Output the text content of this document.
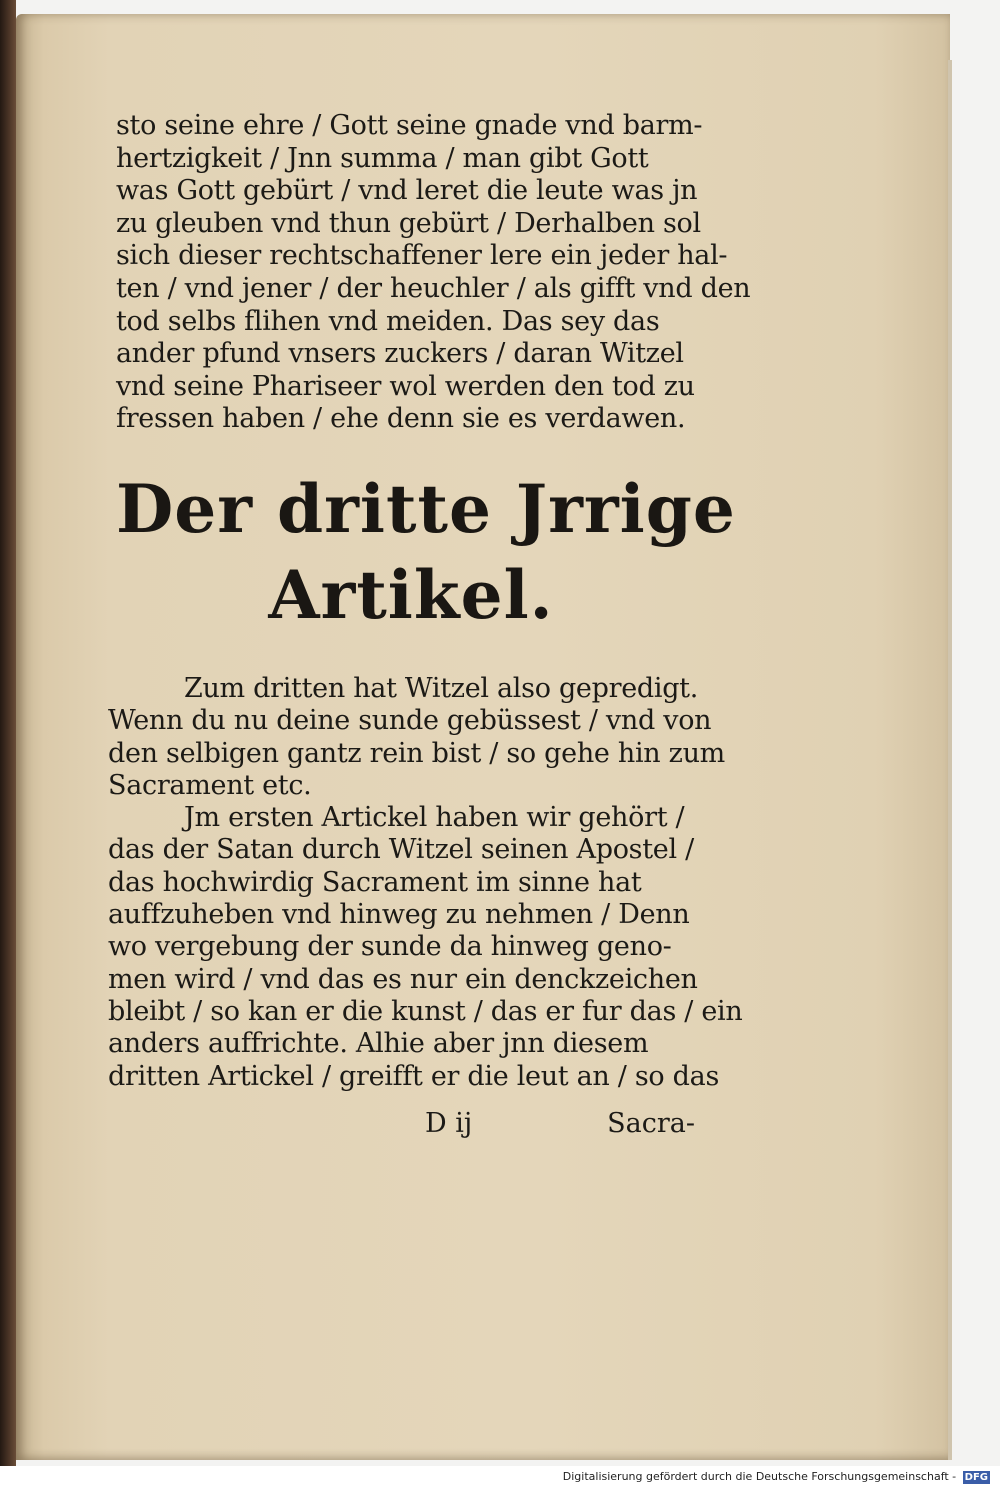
sto seine ehre / Gott seine gnade vnd barm-
hertzigkeit / Jnn summa / man gibt Gott
was Gott gebürt / vnd leret die leute was jn
zu gleuben vnd thun gebürt / Derhalben sol
sich dieser rechtschaffener lere ein jeder hal-
ten / vnd jener / der heuchler / als gifft vnd den
tod selbs flihen vnd meiden. Das sey das
ander pfund vnsers zuckers / daran Witzel
vnd seine Phariseer wol werden den tod zu
fressen haben / ehe denn sie es verdawen.
Der dritte Jrrige
Artikel.
Zum dritten hat Witzel also gepredigt.
Wenn du nu deine sunde gebüssest / vnd von
den selbigen gantz rein bist / so gehe hin zum
Sacrament etc.
Jm ersten Artickel haben wir gehört /
das der Satan durch Witzel seinen Apostel /
das hochwirdig Sacrament im sinne hat
auffzuheben vnd hinweg zu nehmen / Denn
wo vergebung der sunde da hinweg geno-
men wird / vnd das es nur ein denckzeichen
bleibt / so kan er die kunst / das er fur das / ein
anders auffrichte. Alhie aber jnn diesem
dritten Artickel / greifft er die leut an / so das
D ij	Sacra-
Digitalisierung gefördert durch die Deutsche Forschungsgemeinschaft - DFG
